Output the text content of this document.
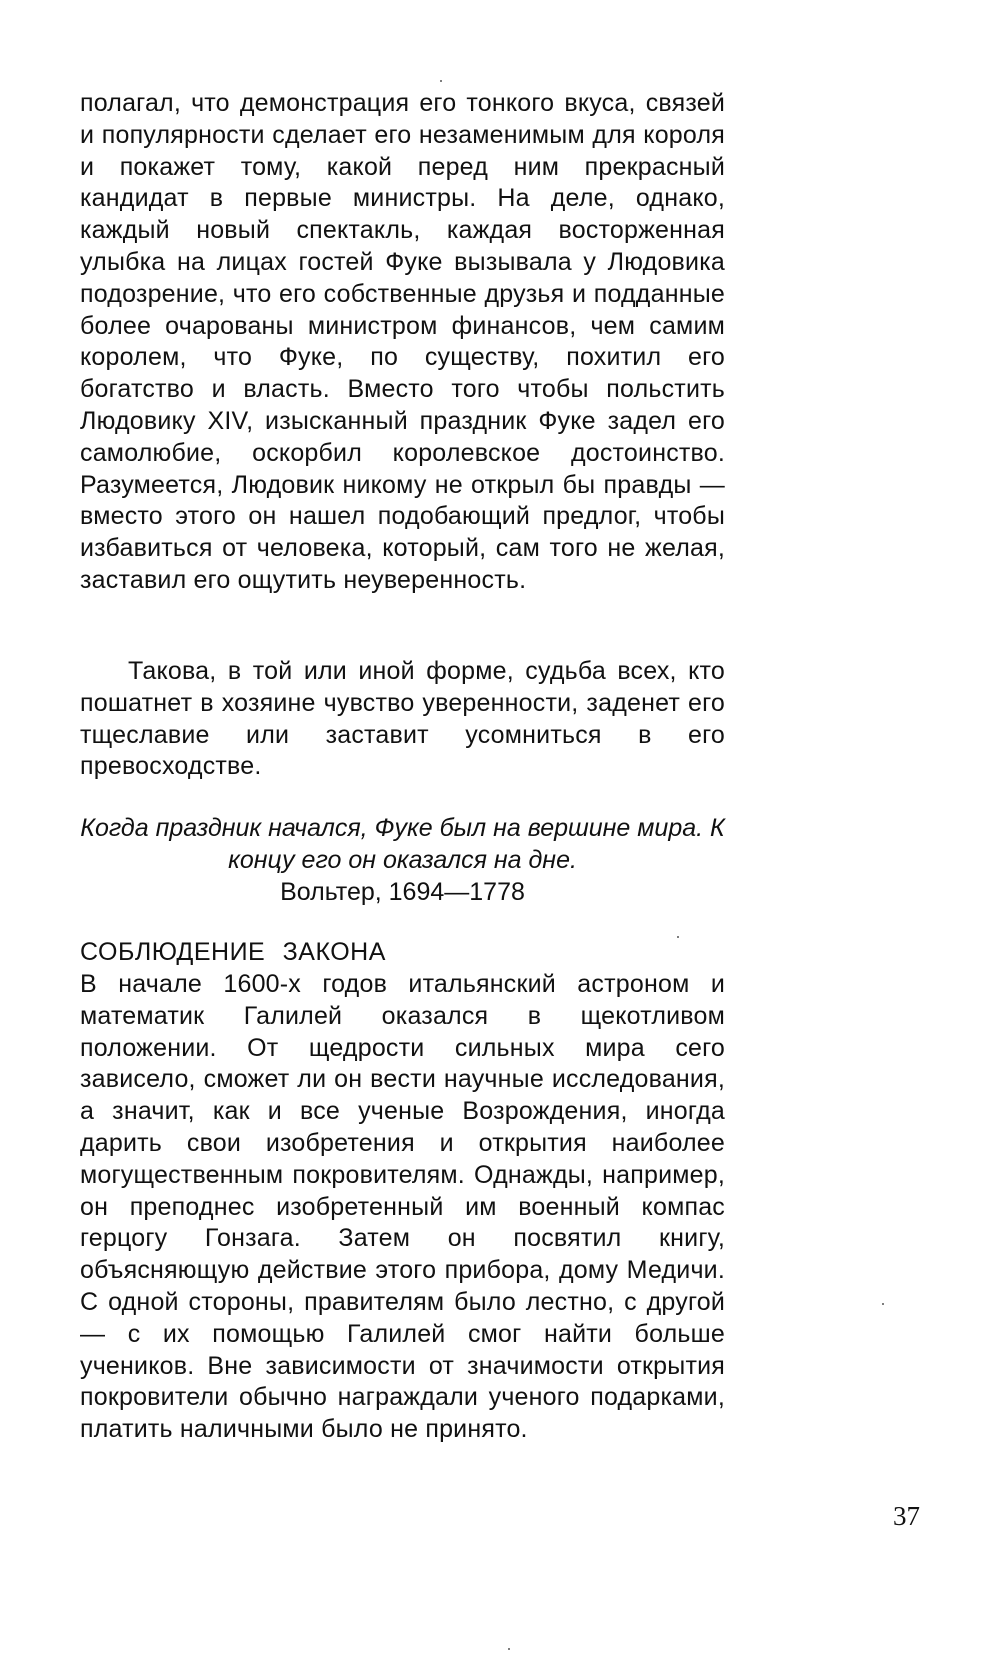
полагал, что демонстрация его тонкого вкуса, связей и популярности сделает его незаменимым для короля и покажет тому, какой перед ним прекрасный кандидат в первые министры. На деле, однако, каждый новый спектакль, каждая восторженная улыбка на лицах гостей Фуке вызывала у Людовика подозрение, что его собственные друзья и подданные более очарованы министром финансов, чем самим королем, что Фуке, по существу, похитил его богатство и власть. Вместо того чтобы польстить Людовику XIV, изысканный праздник Фуке задел его самолюбие, оскорбил королевское достоинство. Разумеется, Людовик никому не открыл бы правды — вместо этого он нашел подобающий предлог, чтобы избавиться от человека, который, сам того не желая, заставил его ощутить неуверенность.

Такова, в той или иной форме, судьба всех, кто пошатнет в хозяине чувство уверенности, заденет его тщеславие или заставит усомниться в его превосходстве.

Когда праздник начался, Фуке был на вершине мира. К концу его он оказался на дне.

Вольтер, 1694—1778

СОБЛЮДЕНИЕ ЗАКОНА

В начале 1600-х годов итальянский астроном и математик Галилей оказался в щекотливом положении. От щедрости сильных мира сего зависело, сможет ли он вести научные исследования, а значит, как и все ученые Возрождения, иногда дарить свои изобретения и открытия наиболее могущественным покровителям. Однажды, например, он преподнес изобретенный им военный компас герцогу Гонзага. Затем он посвятил книгу, объясняющую действие этого прибора, дому Медичи. С одной стороны, правителям было лестно, с другой — с их помощью Галилей смог найти больше учеников. Вне зависимости от значимости открытия покровители обычно награждали ученого подарками, платить наличными было не принято.

37
